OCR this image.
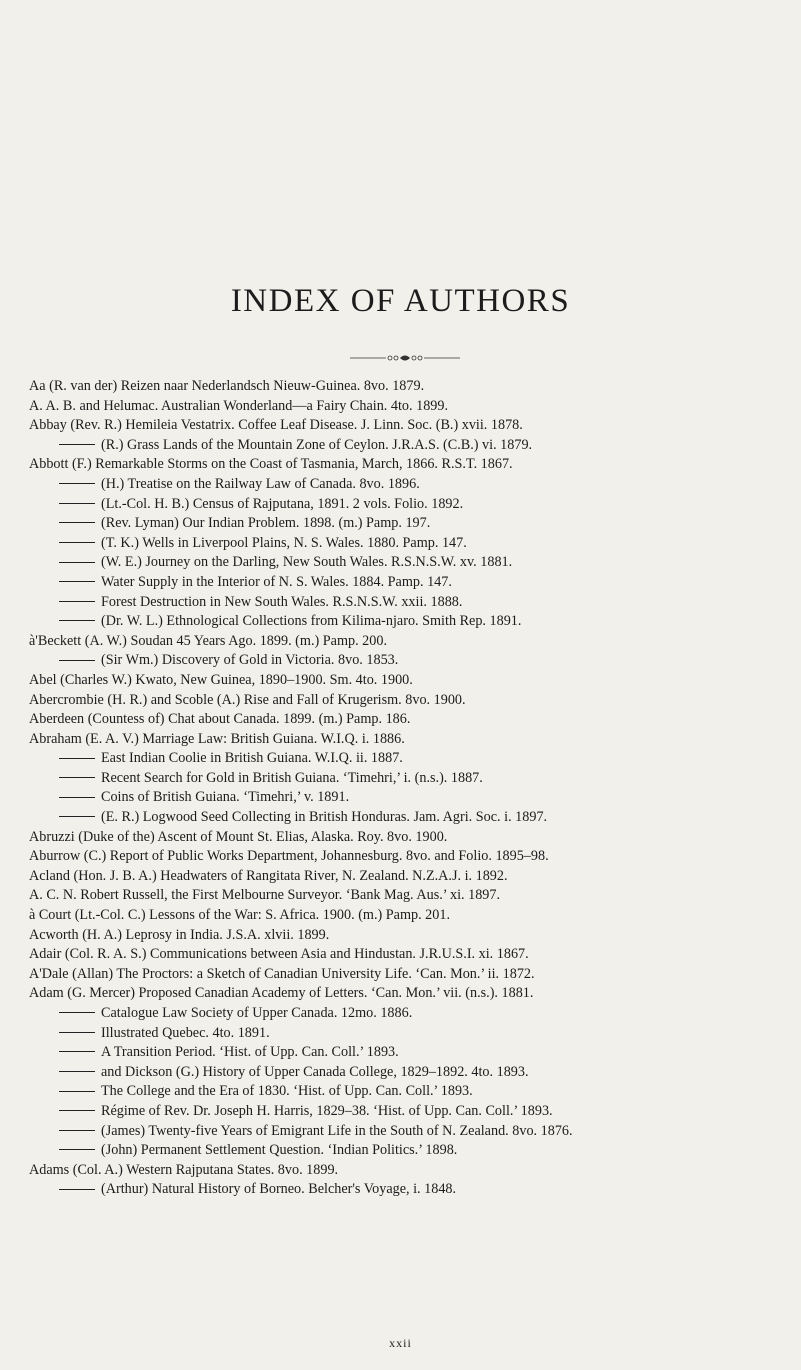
INDEX OF AUTHORS
Aa (R. van der) Reizen naar Nederlandsch Nieuw-Guinea. 8vo. 1879.
A. A. B. and Helumac. Australian Wonderland—a Fairy Chain. 4to. 1899.
Abbay (Rev. R.) Hemileia Vestatrix. Coffee Leaf Disease. J. Linn. Soc. (B.) xvii. 1878.
(R.) Grass Lands of the Mountain Zone of Ceylon. J.R.A.S. (C.B.) vi. 1879.
Abbott (F.) Remarkable Storms on the Coast of Tasmania, March, 1866. R.S.T. 1867.
(H.) Treatise on the Railway Law of Canada. 8vo. 1896.
(Lt.-Col. H. B.) Census of Rajputana, 1891. 2 vols. Folio. 1892.
(Rev. Lyman) Our Indian Problem. 1898. (m.) Pamp. 197.
(T. K.) Wells in Liverpool Plains, N. S. Wales. 1880. Pamp. 147.
(W. E.) Journey on the Darling, New South Wales. R.S.N.S.W. xv. 1881.
Water Supply in the Interior of N. S. Wales. 1884. Pamp. 147.
Forest Destruction in New South Wales. R.S.N.S.W. xxii. 1888.
(Dr. W. L.) Ethnological Collections from Kilima-njaro. Smith Rep. 1891.
à'Beckett (A. W.) Soudan 45 Years Ago. 1899. (m.) Pamp. 200.
(Sir Wm.) Discovery of Gold in Victoria. 8vo. 1853.
Abel (Charles W.) Kwato, New Guinea, 1890–1900. Sm. 4to. 1900.
Abercrombie (H. R.) and Scoble (A.) Rise and Fall of Krugerism. 8vo. 1900.
Aberdeen (Countess of) Chat about Canada. 1899. (m.) Pamp. 186.
Abraham (E. A. V.) Marriage Law: British Guiana. W.I.Q. i. 1886.
East Indian Coolie in British Guiana. W.I.Q. ii. 1887.
Recent Search for Gold in British Guiana. ‘Timehri,’ i. (n.s.). 1887.
Coins of British Guiana. ‘Timehri,’ v. 1891.
(E. R.) Logwood Seed Collecting in British Honduras. Jam. Agri. Soc. i. 1897.
Abruzzi (Duke of the) Ascent of Mount St. Elias, Alaska. Roy. 8vo. 1900.
Aburrow (C.) Report of Public Works Department, Johannesburg. 8vo. and Folio. 1895–98.
Acland (Hon. J. B. A.) Headwaters of Rangitata River, N. Zealand. N.Z.A.J. i. 1892.
A. C. N. Robert Russell, the First Melbourne Surveyor. ‘Bank Mag. Aus.’ xi. 1897.
à Court (Lt.-Col. C.) Lessons of the War: S. Africa. 1900. (m.) Pamp. 201.
Acworth (H. A.) Leprosy in India. J.S.A. xlvii. 1899.
Adair (Col. R. A. S.) Communications between Asia and Hindustan. J.R.U.S.I. xi. 1867.
A'Dale (Allan) The Proctors: a Sketch of Canadian University Life. ‘Can. Mon.’ ii. 1872.
Adam (G. Mercer) Proposed Canadian Academy of Letters. ‘Can. Mon.’ vii. (n.s.). 1881.
Catalogue Law Society of Upper Canada. 12mo. 1886.
Illustrated Quebec. 4to. 1891.
A Transition Period. ‘Hist. of Upp. Can. Coll.’ 1893.
and Dickson (G.) History of Upper Canada College, 1829–1892. 4to. 1893.
The College and the Era of 1830. ‘Hist. of Upp. Can. Coll.’ 1893.
Régime of Rev. Dr. Joseph H. Harris, 1829–38. ‘Hist. of Upp. Can. Coll.’ 1893.
(James) Twenty-five Years of Emigrant Life in the South of N. Zealand. 8vo. 1876.
(John) Permanent Settlement Question. ‘Indian Politics.’ 1898.
Adams (Col. A.) Western Rajputana States. 8vo. 1899.
(Arthur) Natural History of Borneo. Belcher's Voyage, i. 1848.
xxii
